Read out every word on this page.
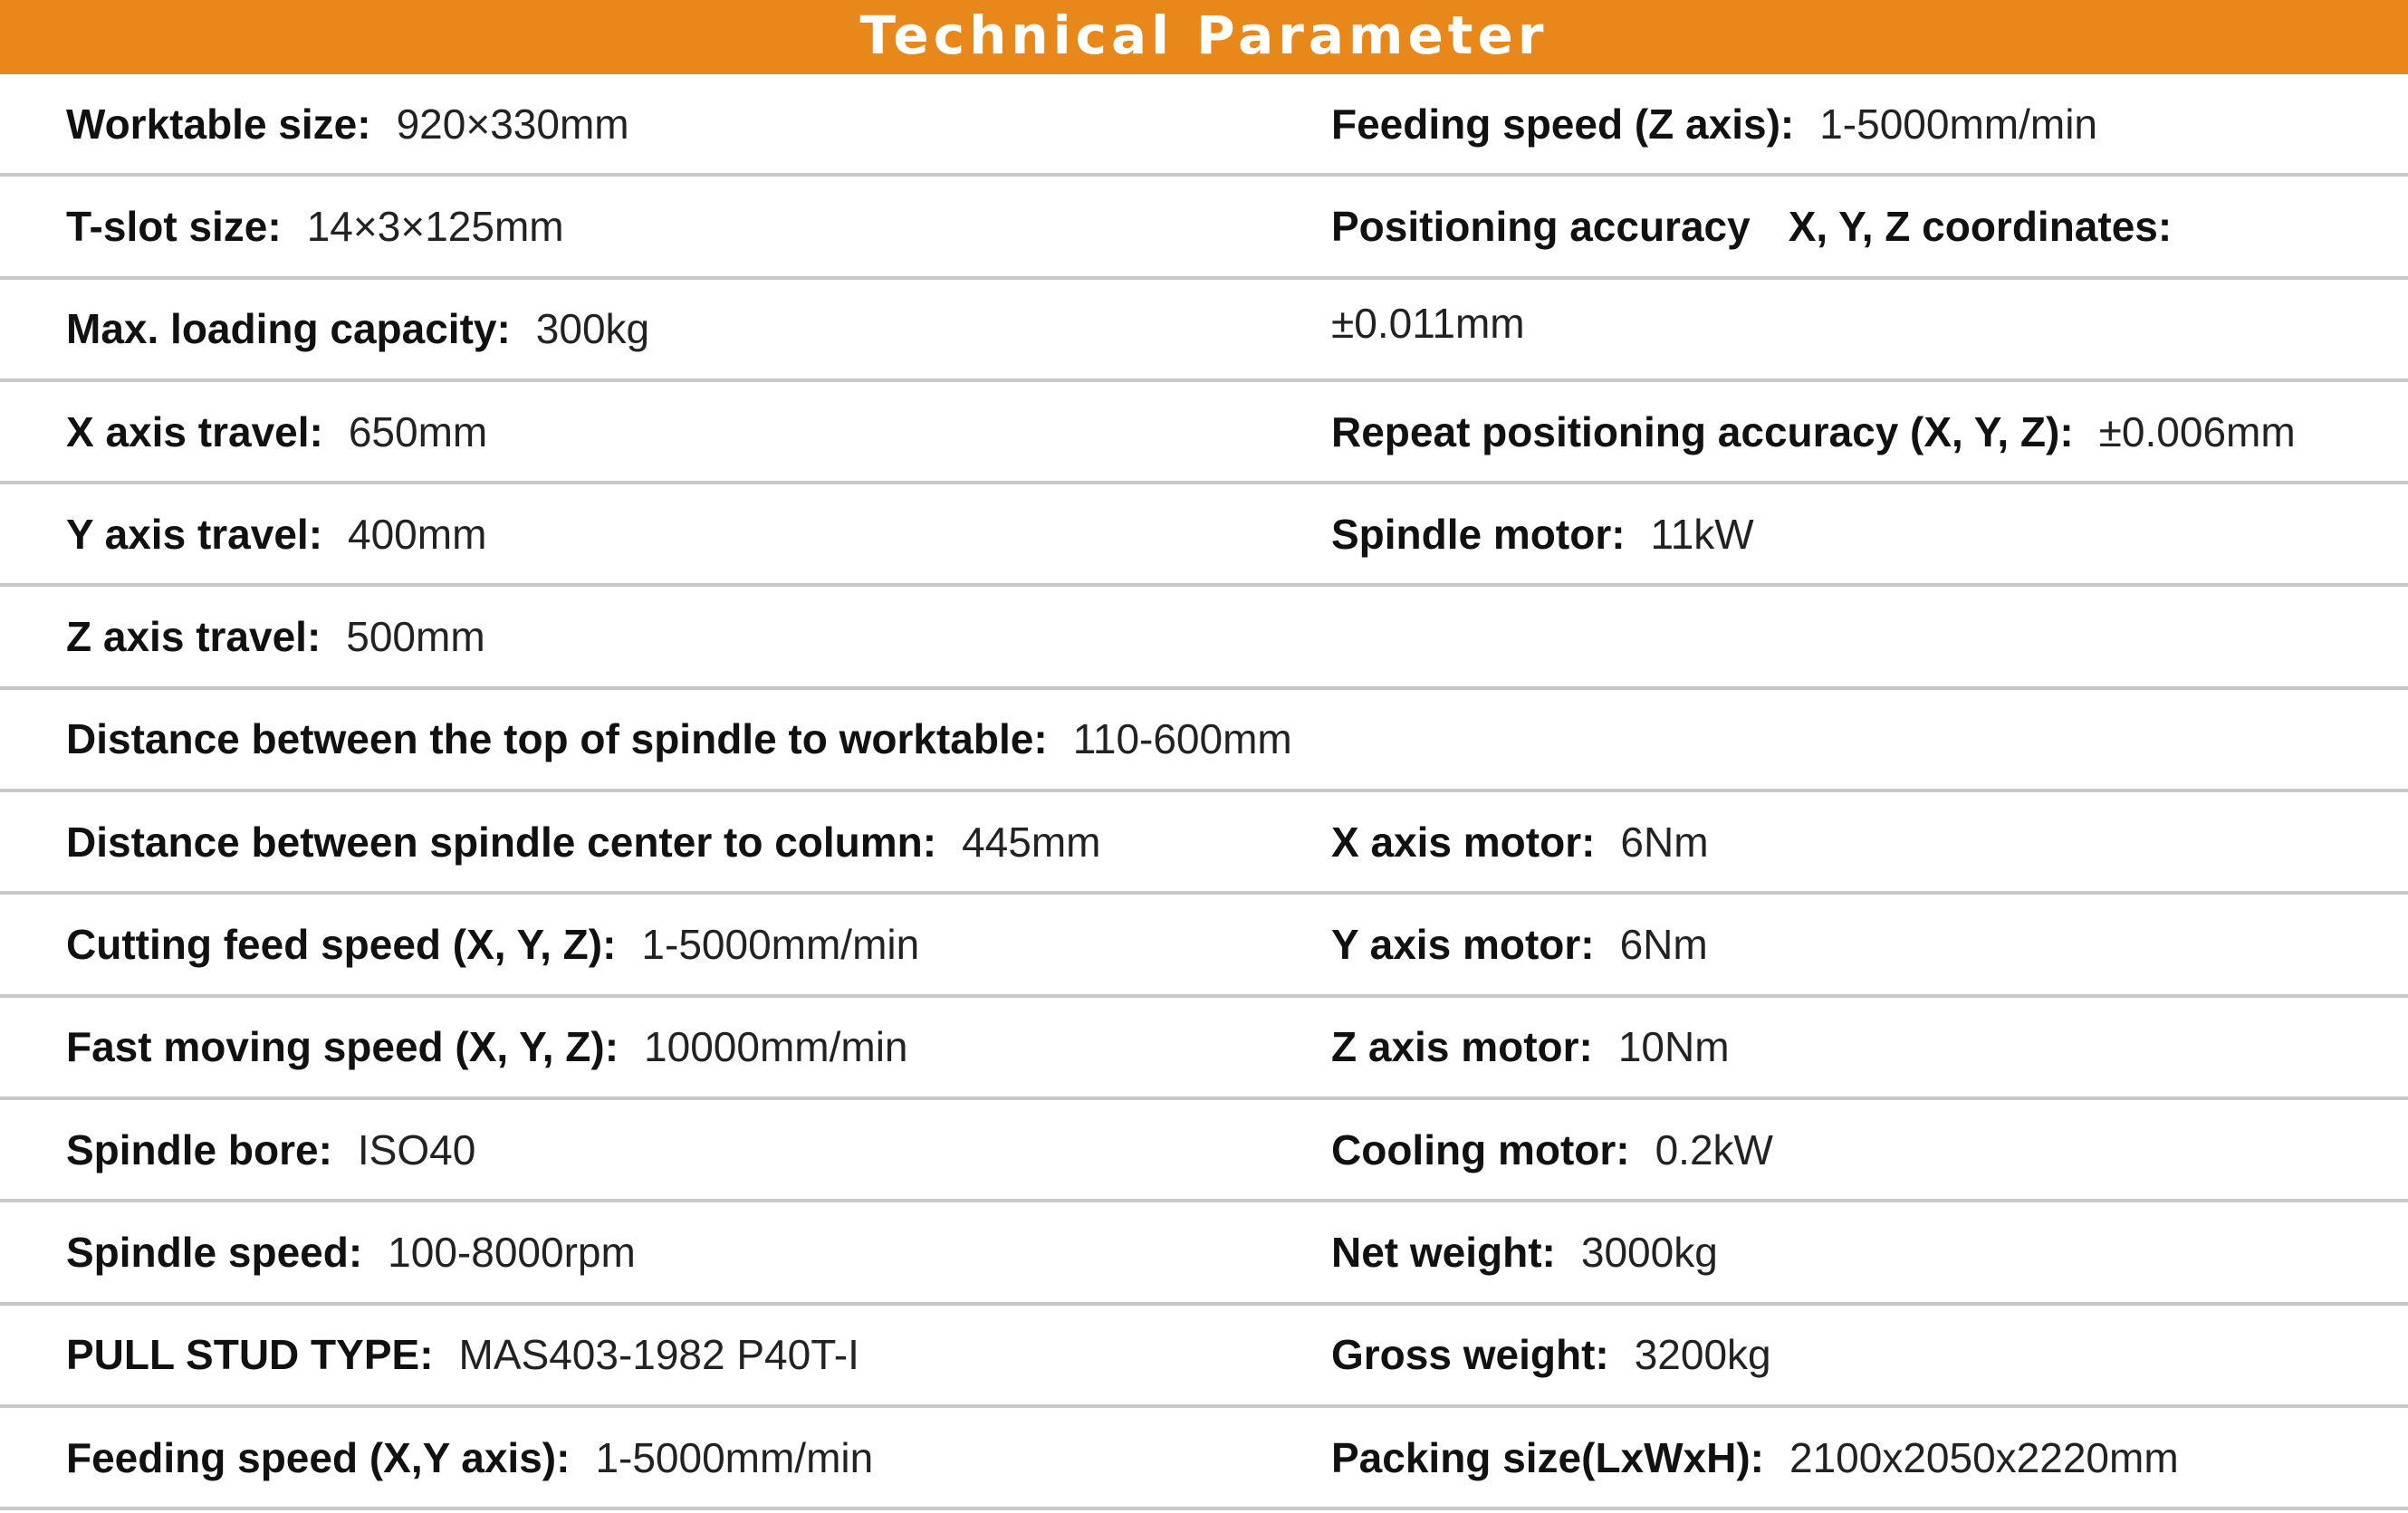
Technical Parameter
Worktable size: 920×330mm	Feeding speed (Z axis): 1-5000mm/min
T-slot size: 14×3×125mm	Positioning accuracy X, Y, Z coordinates:
Max. loading capacity: 300kg	±0.011mm
X axis travel: 650mm	Repeat positioning accuracy (X, Y, Z): ±0.006mm
Y axis travel: 400mm	Spindle motor: 11kW
Z axis travel: 500mm
Distance between the top of spindle to worktable: 110-600mm
Distance between spindle center to column: 445mm	X axis motor: 6Nm
Cutting feed speed (X, Y, Z): 1-5000mm/min	Y axis motor: 6Nm
Fast moving speed (X, Y, Z): 10000mm/min	Z axis motor: 10Nm
Spindle bore: ISO40	Cooling motor: 0.2kW
Spindle speed: 100-8000rpm	Net weight: 3000kg
PULL STUD TYPE: MAS403-1982 P40T-I	Gross weight: 3200kg
Feeding speed (X,Y axis): 1-5000mm/min	Packing size(LxWxH): 2100x2050x2220mm
